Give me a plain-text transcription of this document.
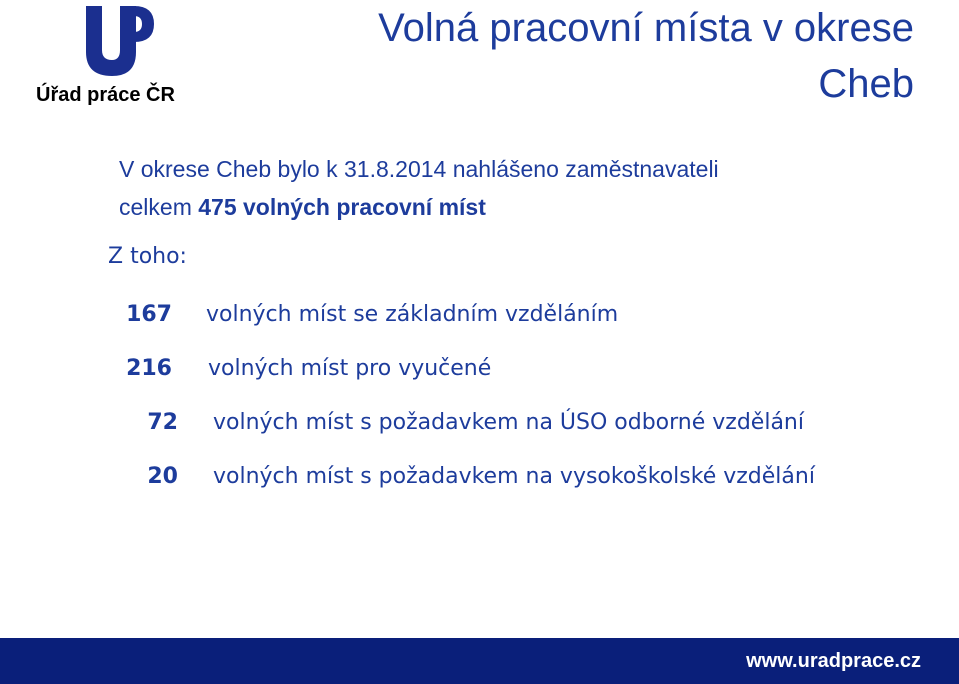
Úřad práce ČR
Volná pracovní místa v okrese
Cheb
V okrese Cheb bylo k 31.8.2014 nahlášeno zaměstnavateli
celkem 475 volných pracovní míst
Z toho:
167 volných míst se základním vzděláním
216 volných míst pro vyučené
72 volných míst s požadavkem na ÚSO odborné vzdělání
20 volných míst s požadavkem na vysokoškolské vzdělání
www.uradprace.cz
